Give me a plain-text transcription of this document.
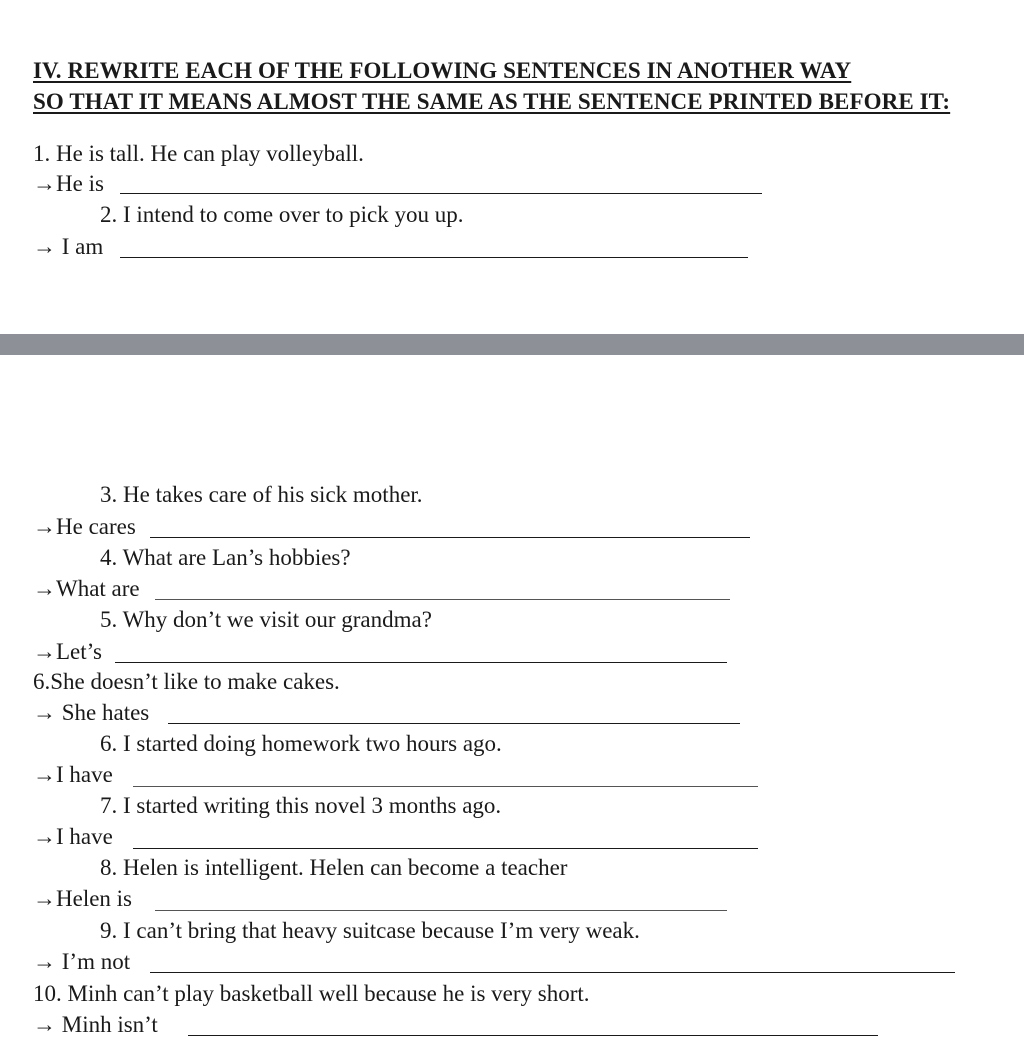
IV. REWRITE EACH OF THE FOLLOWING SENTENCES IN ANOTHER WAY
SO THAT IT MEANS ALMOST THE SAME AS THE SENTENCE PRINTED BEFORE IT:
1. He is tall. He can play volleyball.
→He is
2. I intend to come over to pick you up.
→ I am
3. He takes care of his sick mother.
→He cares
4. What are Lan’s hobbies?
→What are
5. Why don’t we visit our grandma?
→Let’s
6.She doesn’t like to make cakes.
→ She hates
6. I started doing homework two hours ago.
→I have
7. I started writing this novel 3 months ago.
→I have
8. Helen is intelligent. Helen can become a teacher
→Helen is
9. I can’t bring that heavy suitcase because I’m very weak.
→ I’m not
10. Minh can’t play basketball well because he is very short.
→ Minh isn’t
